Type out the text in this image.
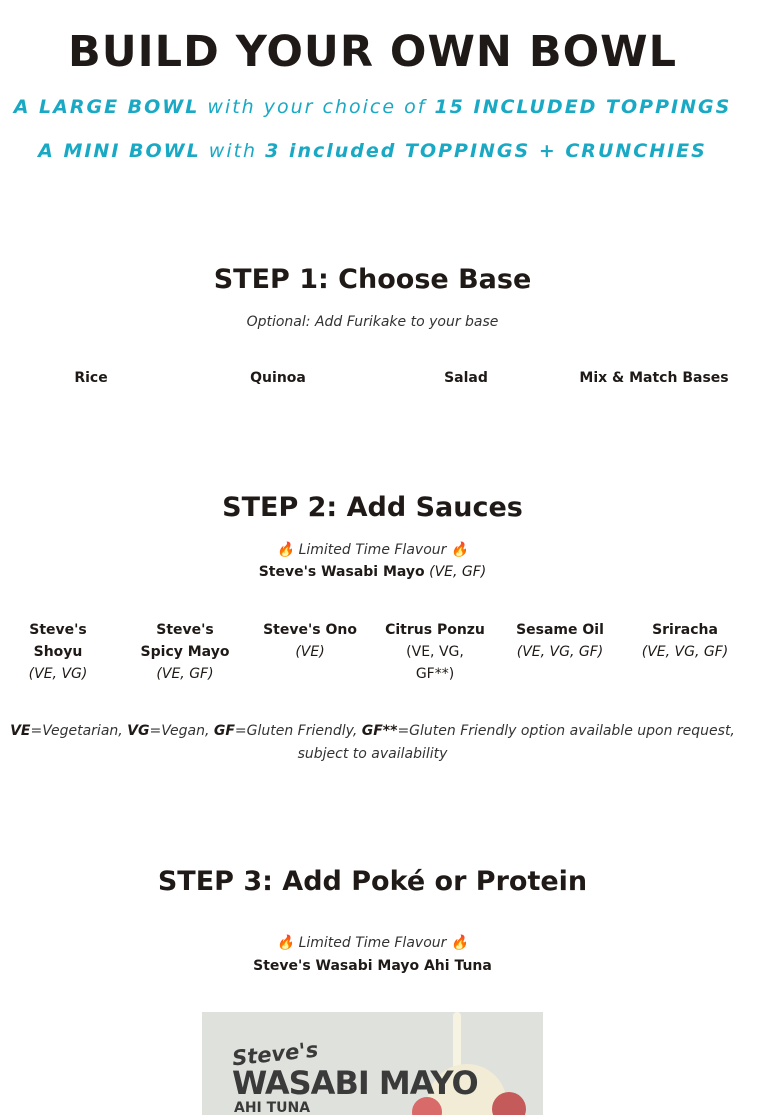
BUILD YOUR OWN BOWL
A LARGE BOWL with your choice of 15 INCLUDED TOPPINGS
A MINI BOWL with 3 included TOPPINGS + CRUNCHIES
STEP 1: Choose Base
Optional: Add Furikake to your base
Rice	Quinoa	Salad	Mix & Match Bases
STEP 2: Add Sauces
🔥 Limited Time Flavour 🔥
Steve's Wasabi Mayo (VE, GF)
Steve's
Shoyu
(VE, VG)
Steve's
Spicy Mayo
(VE, GF)
Steve's Ono
(VE)
Citrus Ponzu
(VE, VG,
GF**)
Sesame Oil
(VE, VG, GF)
Sriracha
(VE, VG, GF)
VE=Vegetarian, VG=Vegan, GF=Gluten Friendly, GF**=Gluten Friendly option available upon request,
subject to availability
STEP 3: Add Poké or Protein
🔥 Limited Time Flavour 🔥
Steve's Wasabi Mayo Ahi Tuna
Steve's
WASABI MAYO
AHI TUNA
